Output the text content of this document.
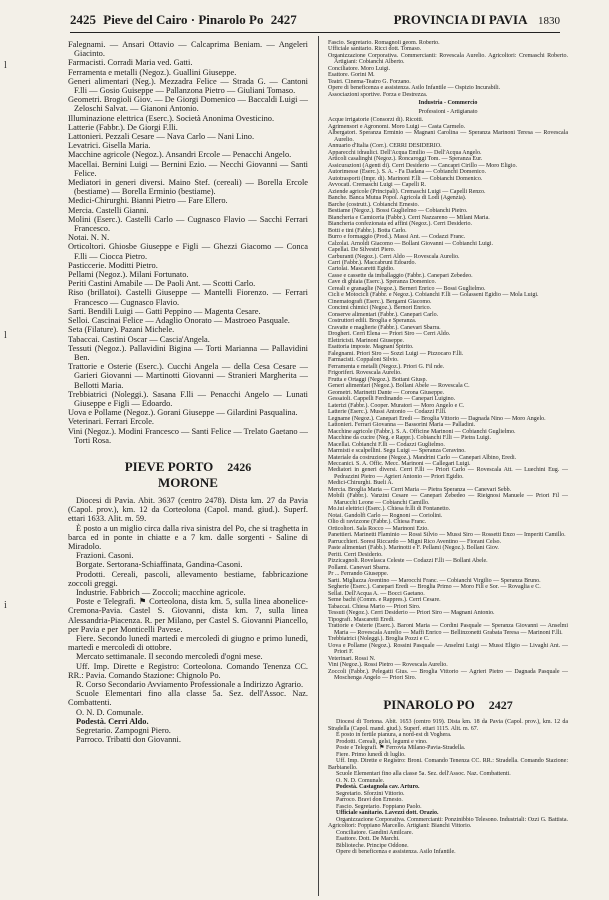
l
l
i
2425 Pieve del Cairo · Pinarolo Po 2427	PROVINCIA DI PAVIA 1830

Falegnami. — Ansari Ottavio — Calcaprima Beniam. — Angeleri Giacinto.

Farmacisti. Corradi Maria ved. Gatti.

Ferramenta e metalli (Negoz.). Guallini Giuseppe.

Generi alimentari (Neg.). Mezzadra Felice — Strada G. — Cantoni F.lli — Gosio Guiseppe — Pallanzona Pietro — Giuliani Tomaso.

Geometri. Brogioli Giov. — De Giorgi Domenico — Baccaldi Luigi — Zeloschi Salvat. — Gianoni Antonio.

Illuminazione elettrica (Eserc.). Società Anonima Ovesticino.

Latterie (Fabbr.). De Giorgi F.lli.

Lattonieri. Pezzali Cesare — Nava Carlo — Nani Lino.

Levatrici. Gisella Maria.

Macchine agricole (Negoz.). Ansandri Ercole — Penacchi Angelo.

Macellai. Bernini Luigi — Bernini Ezio. — Necchi Giovanni — Santi Felice.

Mediatori in generi diversi. Maino Stef. (cereali) — Borella Ercole (bestiame) — Borella Erminio (bestiame).

Medici-Chirurghi. Bianni Pietro — Fare Ellero.

Mercia. Castelli Gianni.

Molini (Eserc.). Castelli Carlo — Cugnasco Flavio — Sacchi Ferrari Francesco.

Notai. N. N.

Orticoltori. Ghiosbe Giuseppe e Figli — Ghezzi Giacomo — Conca F.lli — Ciocca Pietro.

Pasticcerie. Moditti Pietro.

Pellami (Negoz.). Milani Fortunato.

Periti Castini Amabile — De Paoli Ant. — Scotti Carlo.

Riso (brillatoi). Castelli Giuseppe — Mantelli Fiorenzo. — Ferrari Francesco — Cugnasco Flavio.

Sarti. Bendili Luigi — Gatti Peppino — Magenta Cesare.

Selloi. Cascinai Felice — Adaglio Onorato — Mastroeo Pasquale.

Seta (Filature). Pazani Michele.

Tabaccai. Castini Oscar — Cascia'Angela.

Tessuti (Negoz.). Pallavidini Bigina — Torti Marianna — Pallavidini Ben.

Trattorie e Osterie (Eserc.). Cucchi Angela — della Cesa Cesare — Garieri Giovanni — Martinotti Giovanni — Stranieri Margherita — Bellotti Maria.

Trebbiatrici (Noleggi.). Sasana F.lli — Penacchi Angelo — Lunati Giuseppe e Figli — Edoardo.

Uova e Pollame (Negoz.). Gorani Giuseppe — Gilardini Pasqualina.

Veterinari. Ferrari Ercole.

Vini (Negoz.). Modini Francesco — Santi Felice — Trelato Gaetano — Torti Rosa.

PIEVE PORTO 2426
MORONE

Diocesi di Pavia. Abit. 3637 (centro 2478). Dista km. 27 da Pavia (Capol. prov.), km. 12 da Corteolona (Capol. mand. giud.). Superf. ettari 1633. Alit. m. 59.

È posto a un miglio circa dalla riva sinistra del Po, che si traghetta in barca ed in ponte in chiatte e a 7 km. dalle sorgenti - Saline di Miradolo.

Frazioni. Casoni.

Borgate. Sertorana-Schiaffinata, Gandina-Casoni.

Prodotti. Cereali, pascoli, allevamento bestiame, fabbricazione zoccoli greggi.

Industrie. Fabbrich — Zoccoli; macchine agricole.

Poste e Telegrafi. ⚑ Corteolona, dista km. 5, sulla linea abonelice-Cremona-Pavia. Castel S. Giovanni, dista km. 7, sulla linea Alessandria-Piacenza. R. per Milano, per Castel S. Giovanni Piancello, per Pavia e per Monticelli Pavese.

Fiere. Secondo lunedì martedì e mercoledì di giugno e primo lunedì, martedì e mercoledì di ottobre.

Mercato settimanale. Il secondo mercoledì d'ogni mese.

Uff. Imp. Dirette e Registro: Corteolona. Comando Tenenza CC. RR.: Pavia. Comando Stazione: Chignolo Po.

R. Corso Secondario Avviamento Professionale a Indirizzo Agrario.

Scuole Elementari fino alla classe 5a. Sez. dell'Assoc. Naz. Combattenti.

O. N. D. Comunale.

Podestà. Cerri Aldo.

Segretario. Zampogni Piero.

Parroco. Tribatti don Giovanni.

Fascio. Segretario. Romagnoli geom. Roberto.

Ufficiale sanitario. Ricci dott. Tomaso.

Organizzazione Corporativa. Commercianti: Rovescala Aurelio. Agricoltori: Cremaschi Roberto. Artigiani: Cobianchi Alberto.

Conciliatore. Moro Luigi.

Esattore. Gorini M.

Teatri. Cinema-Teatro G. Forzano.

Opere di beneficenza e assistenza. Asilo Infantile — Ospizio Incurabili.

Associazioni sportive. Forza e Destrezza.

Industria - Commercio
Professioni - Artigianato

Acque irrigatorie (Consorzi di). Ricotti.

Agrimensori e Agronomi. Moro Luigi — Casta Carmelo.

Albergatori. Speranza Erminio — Magnani Carolina — Speranza Marinoni Teresa — Rovescala Aurelio.

Annuario d'Italia (Corr.). CERRI DESIDERIO.

Apparecchi idraulici. Dell'Acqua Emilio — Dell'Acqua Angelo.

Articoli casalinghi (Negoz.). Roncaroggi Tom. — Speranza Eur.

Assicurazioni (Agenti di). Cerri Desiderio — Cancapri Cirillo — Moro Eligio.

Autorimesse (Eserc.). S. A. - Fa Dadana — Cobianchi Domenico.

Autotrasporti (Impr. di). Marinoni F.lli — Cobianchi Domenico.

Avvocati. Cremaschi Luigi — Capelli R.

Aziende agricole (Principali). Cremaschi Luigi — Capelli Renzo.

Banche. Banca Mutua Popol. Agricola di Lodi (Agenzia).

Barche (costrutt.). Cobianchi Ernesto.

Bestiame (Negoz.). Bossi Guglielmo — Cobianchi Pietro.

Biancheria e Camiceria (Fabbr.). Cerri Nazzareno — Milani Maria.

Biancheria confezionata ed affini (Negoz.). Cerri Desiderio.

Botti e tini (Fabbr.). Botta Carlo.

Burro e formaggio (Prod.). Massi Ant. — Codazzi Franc.

Calzolai. Arnoldi Giacomo — Bollani Giovanni — Cobianchi Luigi.

Capellai. De Silvestri Piero.

Carburanti (Negoz.). Cerri Aldo — Rovescala Aurelio.

Carri (Fabbr.). Maccabruni Edoardo.

Cartolai. Mascaretti Egidio.

Casse e cassette da imballaggio (Fabbr.). Canepari Zebedeo.

Cave di ghiaia (Eserc.). Speranza Domenico.

Cereali e granaglie (Negoz.). Berneri Enrico — Bossi Guglielmo.

Cicli e Motocicli (Fabbr. e Negoz.). Cobianchi F.lli — Golasseni Egidio — Mola Luigi.

Cinematografi (Eserc.). Bergami Giacomo.

Concimi chimici (Negoz.). Bernori Enrico.

Conserve alimentari (Fabbr.). Canepari Carlo.

Costruttori edili. Broglia e Speranza.

Cravatte e maglierie (Fabbr.). Canevari Sbarra.

Drogheri. Cerri Elena — Priori Siro — Cerri Aldo.

Elettricisti. Marinoni Giuseppe.

Esattoria imposte. Magnani Spirito.

Falegnami. Priori Siro — Sozzi Luigi — Pizzocaro F.lli.

Farmacisti. Coppaloni Silvio.

Ferramenta e metalli (Negoz.). Priori G. Fil nde.

Frigoriferi. Rovescala Aurelio.

Frutta e Ortaggi (Negoz.). Bottani Giusp.

Generi alimentari (Negoz.). Bollani Abele — Rovescala C.

Geometri. Marinetti Dante — Corona Giuseppe.

Gessaioli. Cappelli Ferdinando — Canepari Luigino.

Laterizi (Fabbr.). Cooper. Muratori — Moro Angelo e C.

Latterie (Eserc.). Mussi Antonio — Codazzi F.lli.

Legname (Negoz.). Canepari Eredi — Broglia Vittorio — Dagnada Nino — Moro Angelo.

Lattonieri. Ferrari Giovanna — Bassorini Maria — Palladini.

Macchine agricole (Fabbr.). S. A. Officine Marinoni — Cobianchi Guglielmo.

Macchine da cucire (Neg. e Rappr.). Cobianchi F.lli — Pietra Luigi.

Macellai. Cobianchi F.lli — Codazzi Guglielmo.

Marmisti e scalpellini. Segu Luigi — Speranza Ceravino.

Materiale da costruzione (Negoz.). Mandrini Carlo — Canepari Albino, Eredi.

Meccanici. S. A. Offic. Mecc. Marinoni — Callegari Luigi.

Mediatori in generi diversi. Cerri F.lli — Priori Carlo — Rovescala Att. — Luechini Eug. — Pedrazzini Pietro — Agrieri Antonio — Priori Egidio.

Medici-Chirurghi. Bueli A.

Mercia. Broglia Maria — Cerri Maria — Pietra Speranza — Canevari Sebb.

Mobili (Fabbr.). Vanzini Cesare — Canepari Zebedeo — Rieignosi Manuele — Priori Fil — Marucchi Leone — Cobianchi Camillo.

Mo.iui elettrici (Eserc.). Chiesa fr.lli di Fontanetto.

Notai. Gandolfi Carlo — Rognoni — Coriolini.

Olio di ravizzone (Fabbr.). Chiesa Franc.

Orticoltori. Sala Rocco — Marinoni Ezio.

Panettieri. Marinetti Flaminio — Rossi Silvio — Mussi Siro — Rossetti Enzo — Imperiti Camillo.

Parrucchieri. Soresi Riccardo — Migni Rico Aventino — Fiorani Celso.

Paste alimentari (Fabb.). Marinotti e F. Pellami (Negoz.). Bollani Giov.

Periti. Cerri Desiderio.

Pizzicagnoli. Rovelasca Celeste — Codazzi F.lli — Bollani Abele.

Pollami. Canevari Sbarra.

Pr ... Ferrando Giuseppe.

Sarti. Migliazza Aventino — Marocchi Franc. — Cobianchi Virgilio — Speranza Bruno.

Segherie (Eserc.). Canepari Eredi — Broglia Primo — Moro Fili e Sor. — Rovaglia e C.

Sellai. Dell'Acqua A. — Bocci Gaetano.

Seme bachi (Comm. e Rappres.). Cerri Cesare.

Tabaccai. Chiesa Mario — Priori Siro.

Tessuti (Negoz.). Cerri Desiderio — Priori Siro — Magnani Antonio.

Tipografi. Mascaretti Eredi.

Trattorie e Osterie (Eserc.). Baroni Maria — Cordini Pasquale — Speranza Giovanni — Anselmi Maria — Rovescala Aurelio — Maffi Enrico — Bellinzonetti Grabata Teresa — Marinoni F.lli.

Trebbiatrici (Noleggi.). Broglia Pozzi e C.

Uova e Pollame (Negoz.). Rossini Pasquale — Anselmi Luigi — Mussi Eligio — Livaghi Ant. — Priori F.

Veterinari. Rossi N.

Vini (Negoz.). Rossi Pietro — Rovescala Aurelio.

Zoccoli (Fabbr.). Pelegatti Gius. — Broglia Vittorio — Agrieri Pietro — Dagnada Pasquale — Moschenga Angelo — Priori Siro.

PINAROLO PO 2427

Diocesi di Tortona. Abit. 1653 (centro 919). Dista km. 18 da Pavia (Capol. prov.), km. 12 da Stradella (Capol. mand. giud.). Superf. ettari 1115. Alit. m. 67.

È posto in fertile pianura, a nord-est di Voghera.

Prodotti. Cereali, gelsi, legumi e vino.

Poste e Telegrafi. ⚑ Ferrovia Milano-Pavia-Stradella.

Fiere. Primo lunedì di luglio.

Uff. Imp. Dirette e Registro: Broni. Comando Tenenza CC. RR.: Stradella. Comando Stazione: Barbianello.

Scuole Elementari fino alla classe 5a. Sez. dell'Assoc. Naz. Combattenti.

O. N. D. Comunale.

Podestà. Castagnola cav. Arturo.

Segretario. Sforzini Vittorio.

Parroco. Bravi don Ernesto.

Fascio. Segretario. Foppiano Paolo.

Ufficiale sanitario. Lavezzi dott. Orazio.

Organizzazione Corporativa. Commercianti: Ponzinibbio Telesono. Industriali: Ozzi G. Battista. Agricoltori: Foppiano Marcello. Artigiani: Bianchi Vittorio.

Conciliatore. Gandini Amilcare.

Esattore. Dott. De Marchi.

Biblioteche. Principe Oddone.

Opere di beneficenza e assistenza. Asilo Infantile.
